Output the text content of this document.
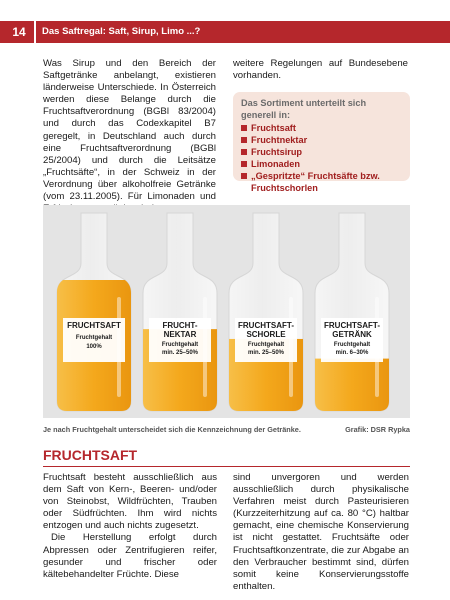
14	Das Saftregal: Saft, Sirup, Limo ...?

Was Sirup und den Bereich der Saftgetränke anbelangt, existieren länderweise Unterschiede. In Österreich werden diese Belange durch die Fruchtsaftverordnung (BGBl 83/2004) und durch das Codexkapitel B7 geregelt, in Deutschland auch durch eine Fruchtsaftverordnung (BGBl 25/2004) und durch die Leitsätze „Fruchtsäfte“, in der Schweiz in der Verordnung über alkoholfreie Getränke (vom 23.11.2005). Für Limonaden und

weitere Regelungen auf Bundesebene vorhanden.

Das Sortiment unterteilt sich generell in:
Fruchtsaft
Fruchtnektar
Fruchtsirup
Limonaden
„Gespritzte“ Fruchtsäfte bzw. Fruchtschorlen
FRUCHTSAFT
Fruchtgehalt
100%
FRUCHT-
NEKTAR
Fruchtgehalt
min. 25–50%
FRUCHTSAFT-
SCHORLE
Fruchtgehalt
min. 25–50%
FRUCHTSAFT-
GETRÄNK
Fruchtgehalt
min. 6–30%
Je nach Fruchtgehalt unterscheidet sich die Kennzeichnung der Getränke.	Grafik: DSR Rypka
FRUCHTSAFT

Fruchtsaft besteht ausschließlich aus dem Saft von Kern-, Beeren- und/oder von Steinobst, Wildfrüchten, Trauben oder Südfrüchten. Ihm wird nichts entzogen und auch nichts zugesetzt.

Die Herstellung erfolgt durch Abpressen oder Zentrifugieren reifer, gesunder und frischer oder kältebehandelter Früchte. Diese

sind unvergoren und werden ausschließlich durch physikalische Verfahren meist durch Pasteurisieren (Kurzzeiterhitzung auf ca. 80 °C) haltbar gemacht, eine chemische Konservierung ist nicht gestattet. Fruchtsäfte oder Fruchtsaftkonzentrate, die zur Abgabe an den Verbraucher bestimmt sind, dürfen somit keine Konservierungsstoffe enthalten.
